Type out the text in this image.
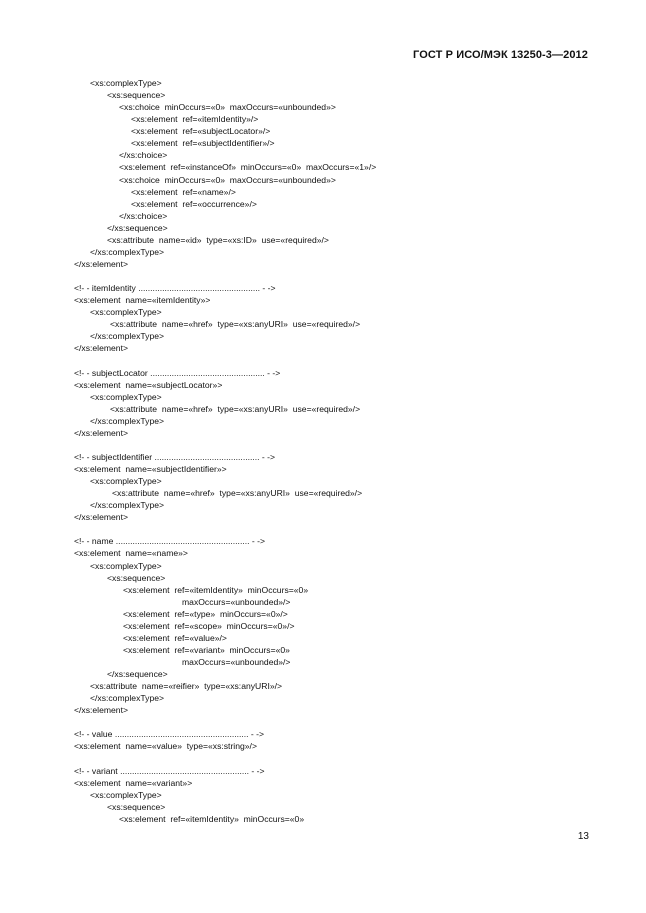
ГОСТ Р ИСО/МЭК 13250-3—2012
<xs:complexType>
<xs:sequence>
<xs:choice  minOccurs=«0»  maxOccurs=«unbounded»>
<xs:element  ref=«itemIdentity»/>
<xs:element  ref=«subjectLocator»/>
<xs:element  ref=«subjectIdentifier»/>
</xs:choice>
<xs:element  ref=«instanceOf»  minOccurs=«0»  maxOccurs=«1»/>
<xs:choice  minOccurs=«0»  maxOccurs=«unbounded»>
<xs:element  ref=«name»/>
<xs:element  ref=«occurrence»/>
</xs:choice>
</xs:sequence>
<xs:attribute  name=«id»  type=«xs:ID»  use=«required»/>
</xs:complexType>
</xs:element>
<!- - itemIdentity ................................................... - ->
<xs:element  name=«itemIdentity»>
<xs:complexType>
<xs:attribute  name=«href»  type=«xs:anyURI»  use=«required»/>
</xs:complexType>
</xs:element>
<!- - subjectLocator ................................................ - ->
<xs:element  name=«subjectLocator»>
<xs:complexType>
<xs:attribute  name=«href»  type=«xs:anyURI»  use=«required»/>
</xs:complexType>
</xs:element>
<!- - subjectIdentifier ............................................ - ->
<xs:element  name=«subjectIdentifier»>
<xs:complexType>
<xs:attribute  name=«href»  type=«xs:anyURI»  use=«required»/>
</xs:complexType>
</xs:element>
<!- - name ........................................................ - ->
<xs:element  name=«name»>
<xs:complexType>
<xs:sequence>
<xs:element  ref=«itemIdentity»  minOccurs=«0»
maxOccurs=«unbounded»/>
<xs:element  ref=«type»  minOccurs=«0»/>
<xs:element  ref=«scope»  minOccurs=«0»/>
<xs:element  ref=«value»/>
<xs:element  ref=«variant»  minOccurs=«0»
maxOccurs=«unbounded»/>
</xs:sequence>
<xs:attribute  name=«reifier»  type=«xs:anyURI»/>
</xs:complexType>
</xs:element>
<!- - value ........................................................ - ->
<xs:element  name=«value»  type=«xs:string»/>
<!- - variant ...................................................... - ->
<xs:element  name=«variant»>
<xs:complexType>
<xs:sequence>
<xs:element  ref=«itemIdentity»  minOccurs=«0»
13
